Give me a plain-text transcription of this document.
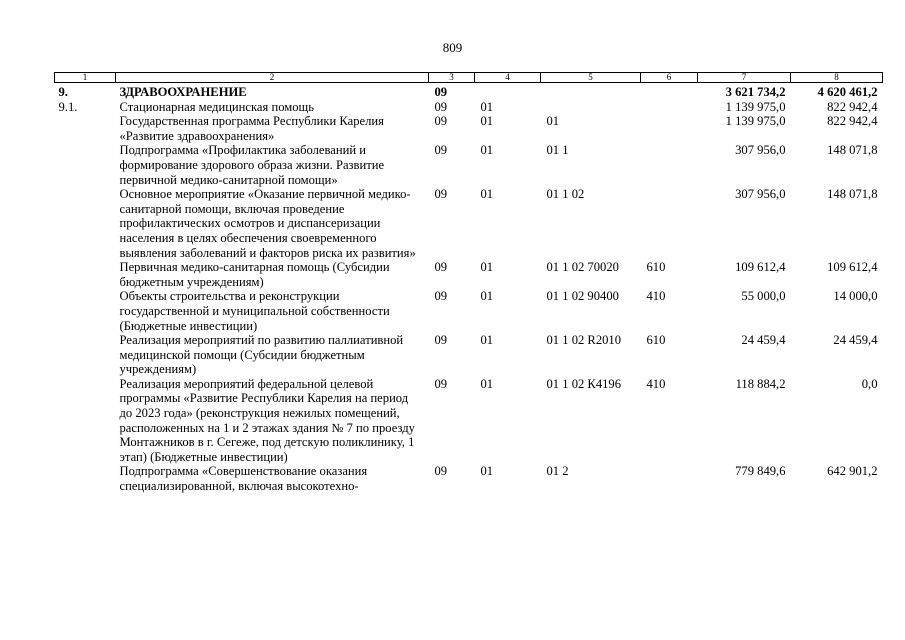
809
1	2	3	4	5	6	7	8
9.	ЗДРАВООХРАНЕНИЕ	09				3 621 734,2	4 620 461,2
9.1.	Стационарная медицинская помощь	09	01			1 139 975,0	822 942,4
	Государственная программа Республики Карелия «Развитие здравоохранения»	09	01	01		1 139 975,0	822 942,4
	Подпрограмма «Профилактика заболеваний и формирование здорового образа жизни. Развитие первичной медико-санитарной помощи»	09	01	01 1		307 956,0	148 071,8
	Основное мероприятие «Оказание первичной медико-санитарной помощи, включая проведение профилактических осмотров и диспансеризации населения в целях обеспечения своевременного выявления заболеваний и факторов риска их развития»	09	01	01 1 02		307 956,0	148 071,8
	Первичная медико-санитарная помощь (Субсидии бюджетным учреждениям)	09	01	01 1 02 70020	610	109 612,4	109 612,4
	Объекты строительства и реконструкции государственной и муниципальной собственности (Бюджетные инвестиции)	09	01	01 1 02 90400	410	55 000,0	14 000,0
	Реализация мероприятий по развитию паллиативной медицинской помощи (Субсидии бюджетным учреждениям)	09	01	01 1 02 R2010	610	24 459,4	24 459,4
	Реализация мероприятий федеральной целевой программы «Развитие Республики Карелия на период до 2023 года» (реконструкция нежилых помещений, расположенных на 1 и 2 этажах здания № 7 по проезду Монтажников в г. Сегеже, под детскую поликлинику, 1 этап) (Бюджетные инвестиции)	09	01	01 1 02 К4196	410	118 884,2	0,0
	Подпрограмма «Совершенствование оказания специализированной, включая высокотехно-	09	01	01 2		779 849,6	642 901,2
